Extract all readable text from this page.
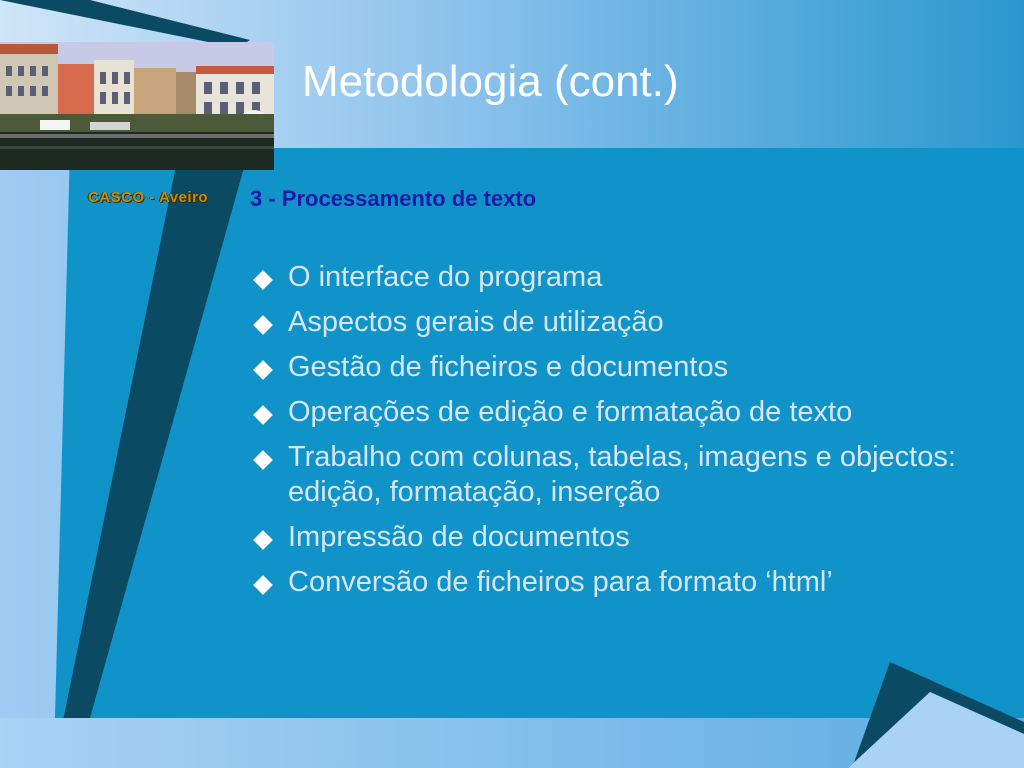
CASCO - Aveiro
Metodologia (cont.)
3 - Processamento de texto
O interface do programa
Aspectos gerais de utilização
Gestão de ficheiros e documentos
Operações de edição e formatação de texto
Trabalho com colunas, tabelas, imagens e objectos: edição, formatação, inserção
Impressão de documentos
Conversão de ficheiros para formato ‘html’
